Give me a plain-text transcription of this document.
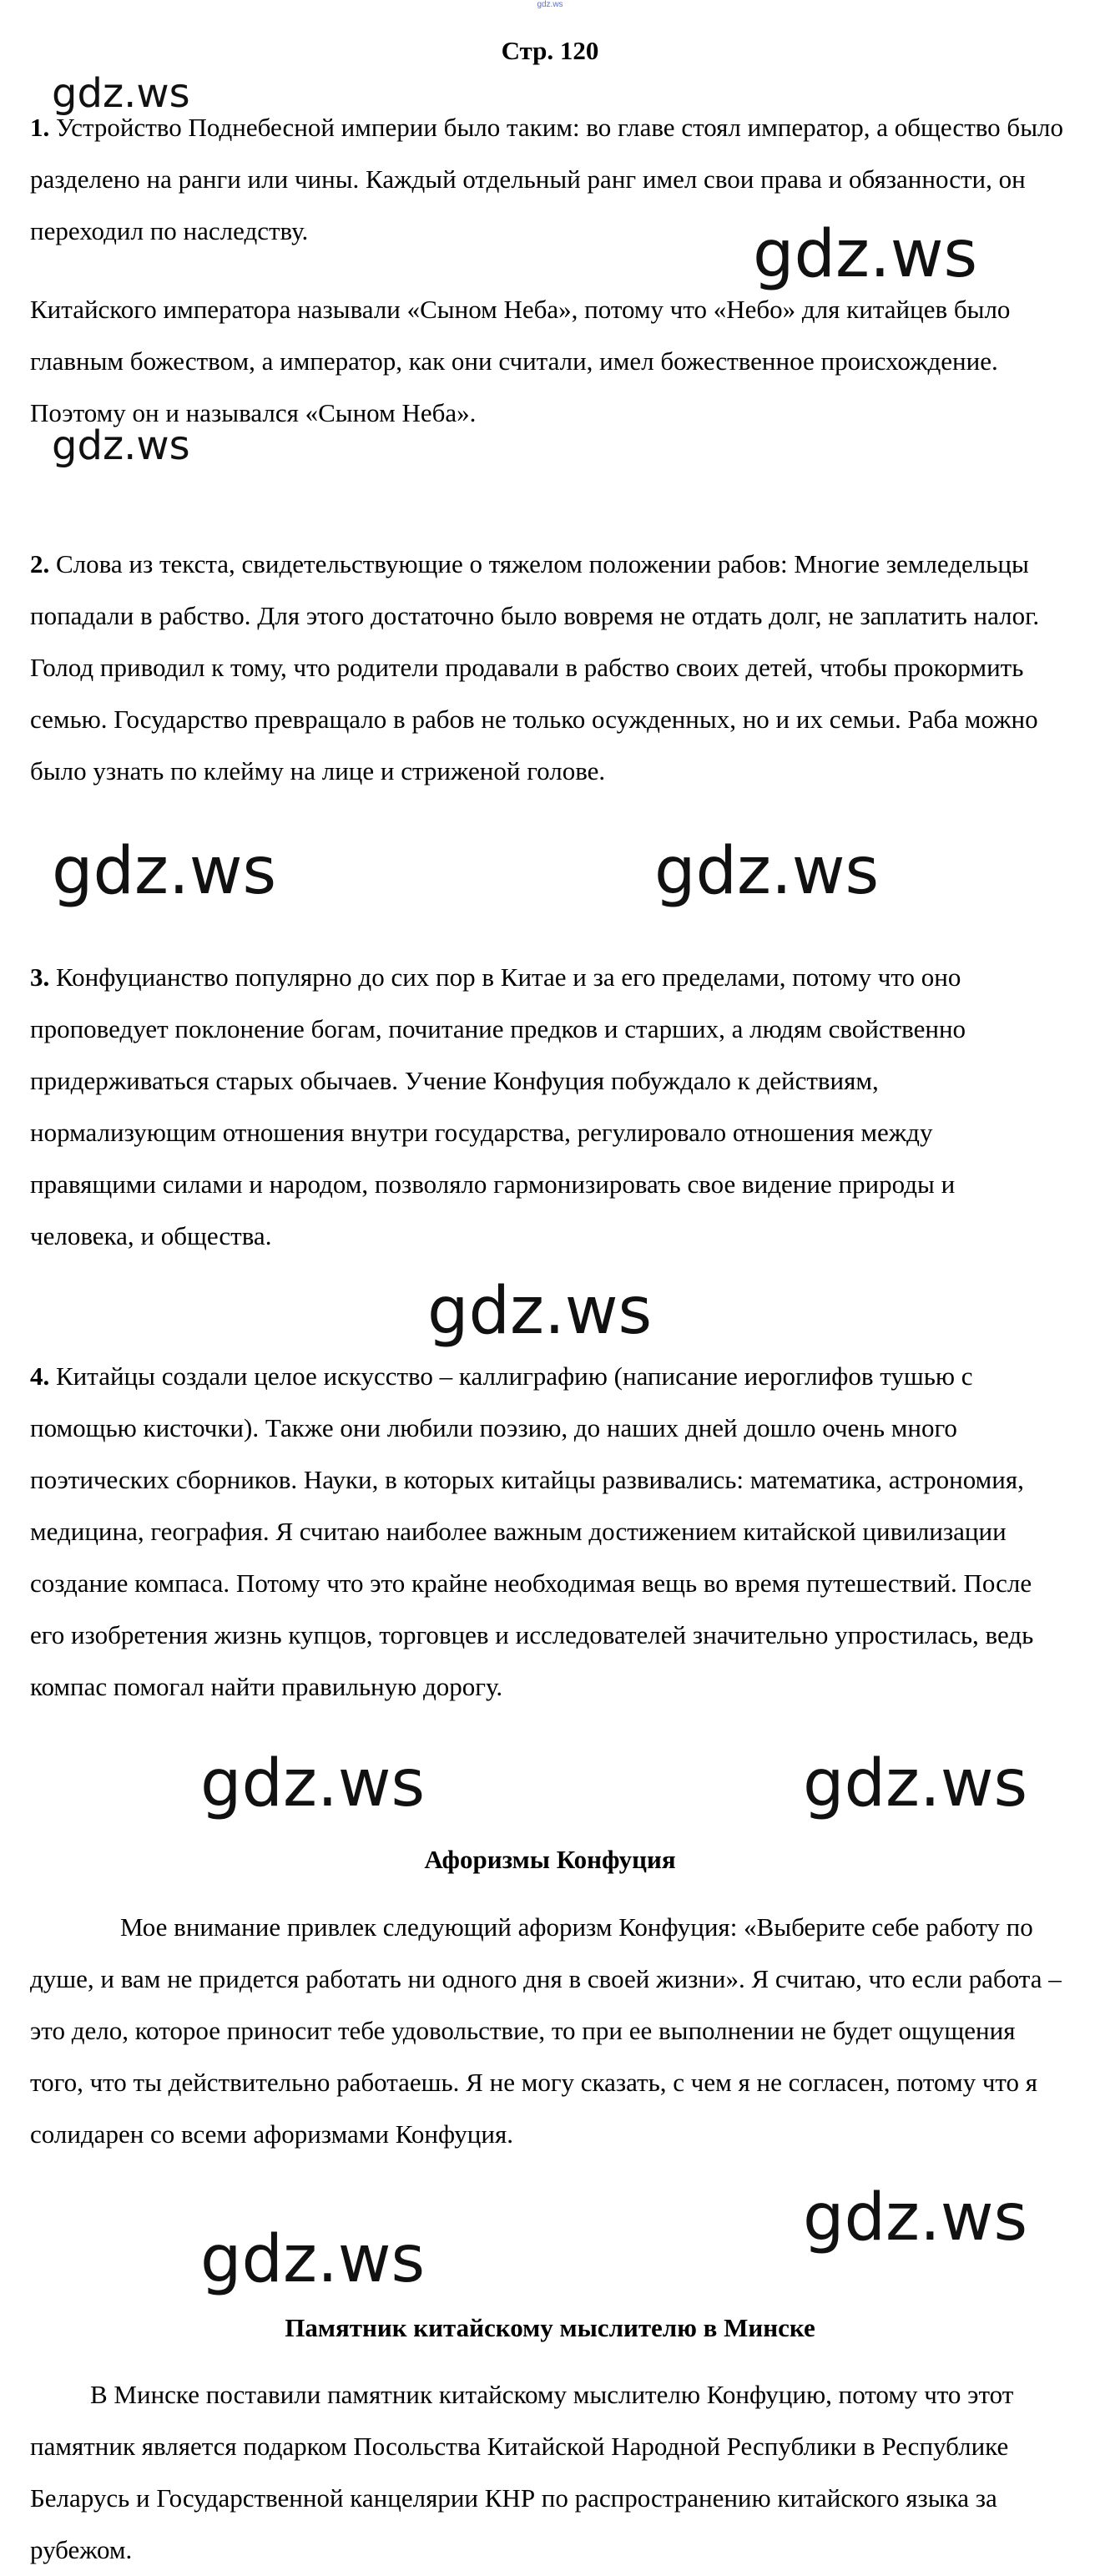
gdz.ws
Стр. 120

1. Устройство Поднебесной империи было таким: во главе стоял император, а общество было разделено на ранги или чины. Каждый отдельный ранг имел свои права и обязанности, он переходил по наследству.

Китайского императора называли «Сыном Неба», потому что «Небо» для китайцев было главным божеством, а император, как они считали, имел божественное происхождение. Поэтому он и назывался «Сыном Неба».

2. Слова из текста, свидетельствующие о тяжелом положении рабов: Многие земледельцы попадали в рабство. Для этого достаточно было вовремя не отдать долг, не заплатить налог. Голод приводил к тому, что родители продавали в рабство своих детей, чтобы прокормить семью. Государство превращало в рабов не только осужденных, но и их семьи. Раба можно было узнать по клейму на лице и стриженой голове.

3. Конфуцианство популярно до сих пор в Китае и за его пределами, потому что оно проповедует поклонение богам, почитание предков и старших, а людям свойственно придерживаться старых обычаев. Учение Конфуция побуждало к действиям, нормализующим отношения внутри государства, регулировало отношения между правящими силами и народом, позволяло гармонизировать свое видение природы и человека, и общества.

4. Китайцы создали целое искусство – каллиграфию (написание иероглифов тушью с помощью кисточки). Также они любили поэзию, до наших дней дошло очень много поэтических сборников. Науки, в которых китайцы развивались: математика, астрономия, медицина, география. Я считаю наиболее важным достижением китайской цивилизации создание компаса. Потому что это крайне необходимая вещь во время путешествий. После его изобретения жизнь купцов, торговцев и исследователей значительно упростилась, ведь компас помогал найти правильную дорогу.

Афоризмы Конфуция

Мое внимание привлек следующий афоризм Конфуция: «Выберите себе работу по душе, и вам не придется работать ни одного дня в своей жизни». Я считаю, что если работа – это дело, которое приносит тебе удовольствие, то при ее выполнении не будет ощущения того, что ты действительно работаешь. Я не могу сказать, с чем я не согласен, потому что я солидарен со всеми афоризмами Конфуция.

Памятник китайскому мыслителю в Минске

В Минске поставили памятник китайскому мыслителю Конфуцию, потому что этот памятник является подарком Посольства Китайской Народной Республики в Республике Беларусь и Государственной канцелярии КНР по распространению китайского языка за рубежом.

gdz.ws
gdz.ws
gdz.ws
gdz.ws	gdz.ws
gdz.ws
gdz.ws	gdz.ws
gdz.ws
gdz.ws
